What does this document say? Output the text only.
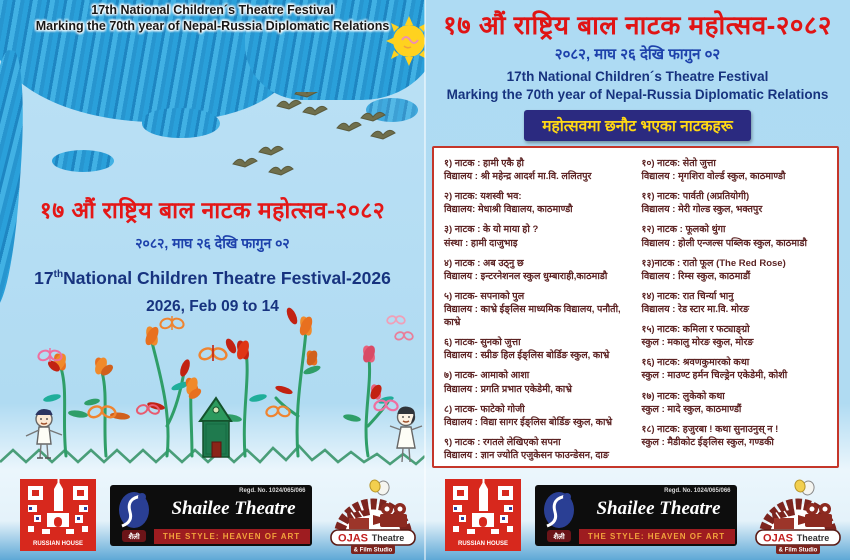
17th National Children´s Theatre Festival
Marking the 70th year of Nepal-Russia Diplomatic Relations
१७ औं राष्ट्रिय बाल नाटक महोत्सव-२०८२
२०८२, माघ २६ देखि फागुन ०२
17thNational Children Theatre Festival-2026
2026, Feb 09 to 14
RUSSIAN HOUSE
Regd. No. 1024/065/066
शैली
Shailee Theatre
THE STYLE: HEAVEN OF ART	OJAS Theatre
& Film Studio
१७ औं राष्ट्रिय बाल नाटक महोत्सव-२०८२
२०८२, माघ २६ देखि फागुन ०२
17th National Children´s Theatre Festival
Marking the 70th year of Nepal-Russia Diplomatic Relations
महोत्सवमा छनौट भएका नाटकहरू
१) नाटक : हामी एकै हौ
विद्यालय : श्री महेन्द्र आदर्श मा.वि. ललितपुर
२) नाटक: यशस्वी भव:
विद्यालय: मेधाश्री विद्यालय, काठमाण्डौ
३) नाटक : के यो माया हो ?
संस्था : हामी दाजुभाइ
४) नाटक : अब उठ्नु छ
विद्यालय : इन्टरनेशनल स्कुल धुम्बाराही,काठमाडौ
५) नाटक- सपनाको पुल
विद्यालय : काभ्रे ईङ्लिस माध्यमिक विद्यालय, पनौती, काभ्रे
६) नाटक- सुनको जुत्ता
विद्यालय : स्प्रीङ हिल ईङ्लिस बोर्डिङ स्कुल, काभ्रे
७) नाटक- आमाको आशा
विद्यालय : प्रगति प्रभात एकेडेमी, काभ्रे
८) नाटक- फाटेको गोजी
विद्यालय : विद्या सागर ईङ्लिस बोर्डिङ स्कुल, काभ्रे
९) नाटक : रगतले लेखिएको सपना
विद्यालय : ज्ञान ज्योति एजुकेसन फाउन्डेसन, दाङ
१०) नाटक: सेतो जुत्ता
विद्यालय : मृगशिरा वोर्ल्ड स्कुल, काठमाण्डौ
११) नाटक: पार्वती (अप्रतियोगी)
विद्यालय : मेरी गोल्ड स्कुल, भक्तपुर
१२) नाटक : फूलको थुंगा
विद्यालय : होली एन्जल्स पब्लिक स्कुल, काठमाडौ
१३)नाटक : रातो फूल (The Red Rose)
विद्यालय : रिम्स स्कुल, काठमाडौं
१४) नाटक: रात चिर्न्या भानु
विद्यालय : रेड स्टार मा.वि. मोरङ
१५) नाटक: कमिला र फट्याङ्ग्रो
स्कुल : मकालु मोरङ स्कुल, मोरङ
१६) नाटक: श्रवणकुमारको कथा
स्कुल : माउण्ट हर्मन चिल्ड्रेन एकेडेमी, कोशी
१७) नाटक: लुकेको कथा
स्कुल : मादे स्कुल, काठमाण्डौं
१८) नाटक: हजुरबा ! कथा सुनाउनुस् न !
स्कुल : मैडीकोट ईङ्लिस स्कुल, गण्डकी
RUSSIAN HOUSE
Regd. No. 1024/065/066
शैली
Shailee Theatre
THE STYLE: HEAVEN OF ART	OJAS Theatre
& Film Studio
